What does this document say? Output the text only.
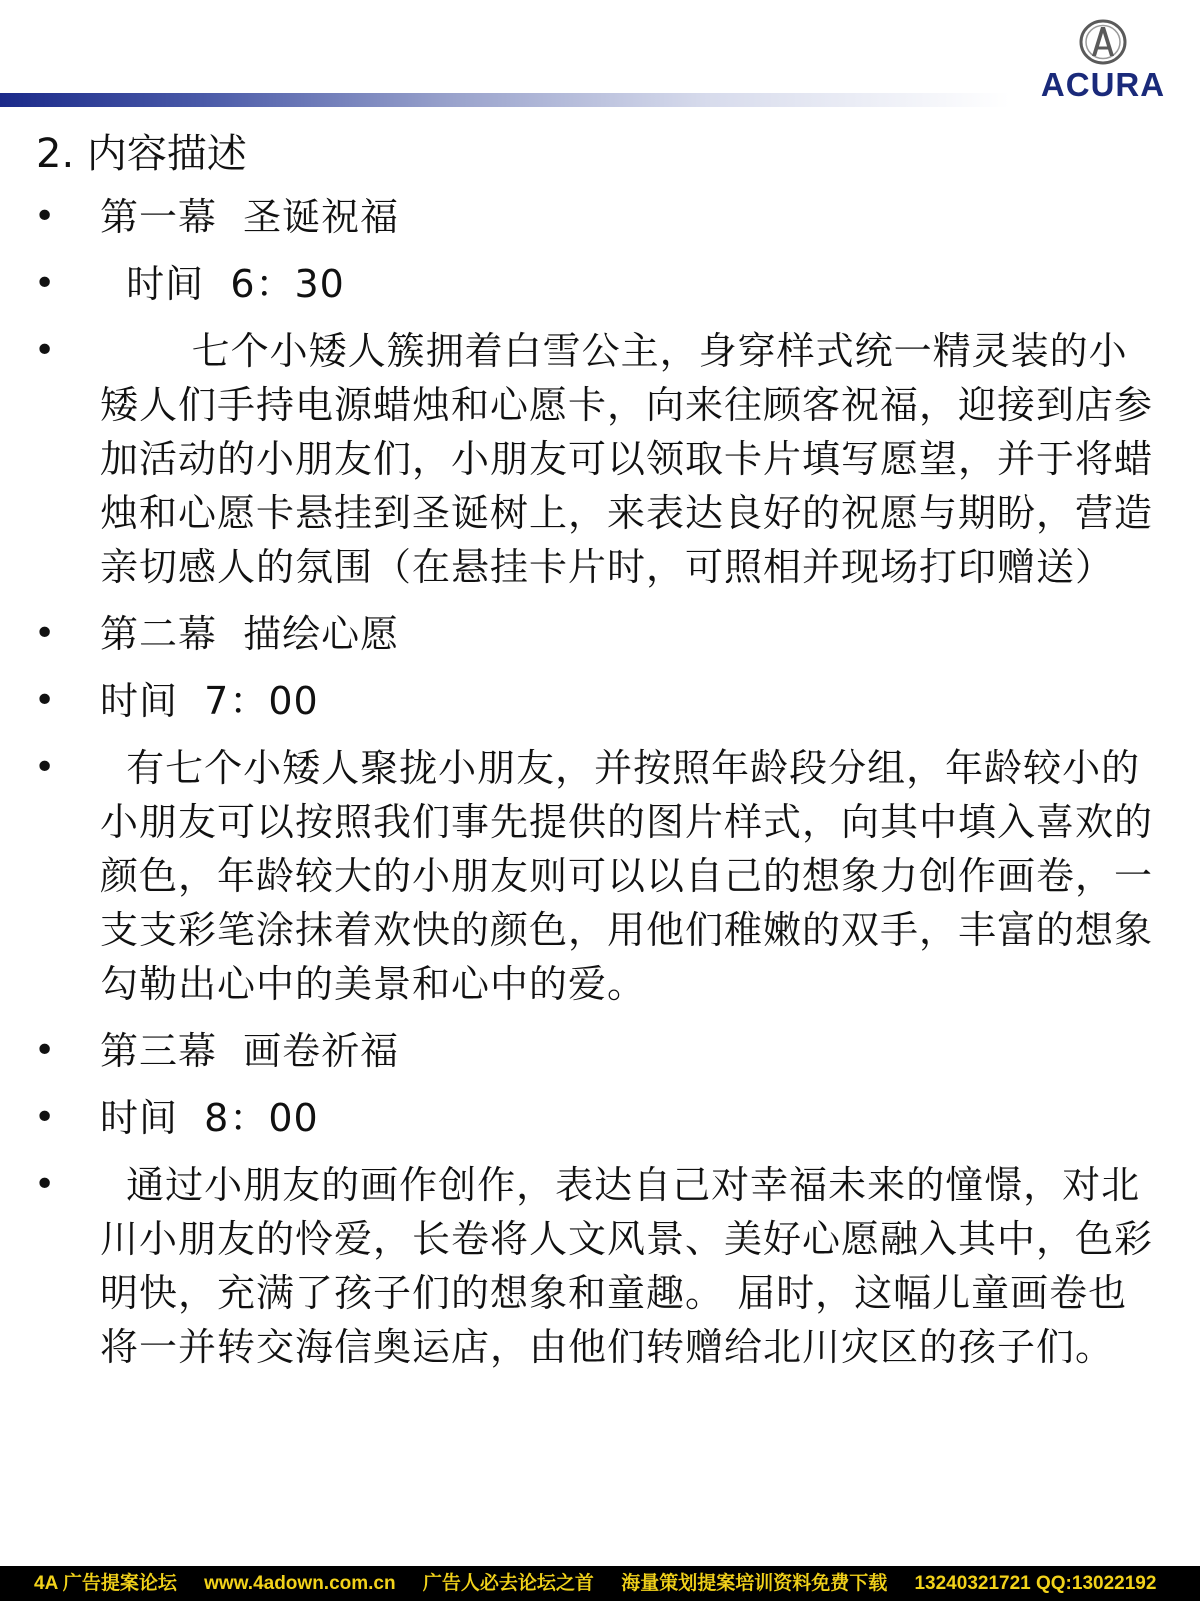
ACURA
2. 内容描述
• 第一幕  圣诞祝福
• 时间  6：30
• 七个小矮人簇拥着白雪公主，身穿样式统一精灵装的小矮人们手持电源蜡烛和心愿卡，向来往顾客祝福，迎接到店参加活动的小朋友们，小朋友可以领取卡片填写愿望，并于将蜡烛和心愿卡悬挂到圣诞树上，来表达良好的祝愿与期盼，营造亲切感人的氛围（在悬挂卡片时，可照相并现场打印赠送）
• 第二幕  描绘心愿
• 时间  7：00
• 有七个小矮人聚拢小朋友，并按照年龄段分组，年龄较小的小朋友可以按照我们事先提供的图片样式，向其中填入喜欢的颜色，年龄较大的小朋友则可以以自己的想象力创作画卷，一支支彩笔涂抹着欢快的颜色，用他们稚嫩的双手，丰富的想象勾勒出心中的美景和心中的爱。
• 第三幕  画卷祈福
• 时间  8：00
• 通过小朋友的画作创作，表达自己对幸福未来的憧憬，对北川小朋友的怜爱，长卷将人文风景、美好心愿融入其中，色彩明快，充满了孩子们的想象和童趣。 届时，这幅儿童画卷也将一并转交海信奥运店，由他们转赠给北川灾区的孩子们。
4A 广告提案论坛 www.4adown.com.cn 广告人必去论坛之首 海量策划提案培训资料免费下载 13240321721 QQ:13022192
